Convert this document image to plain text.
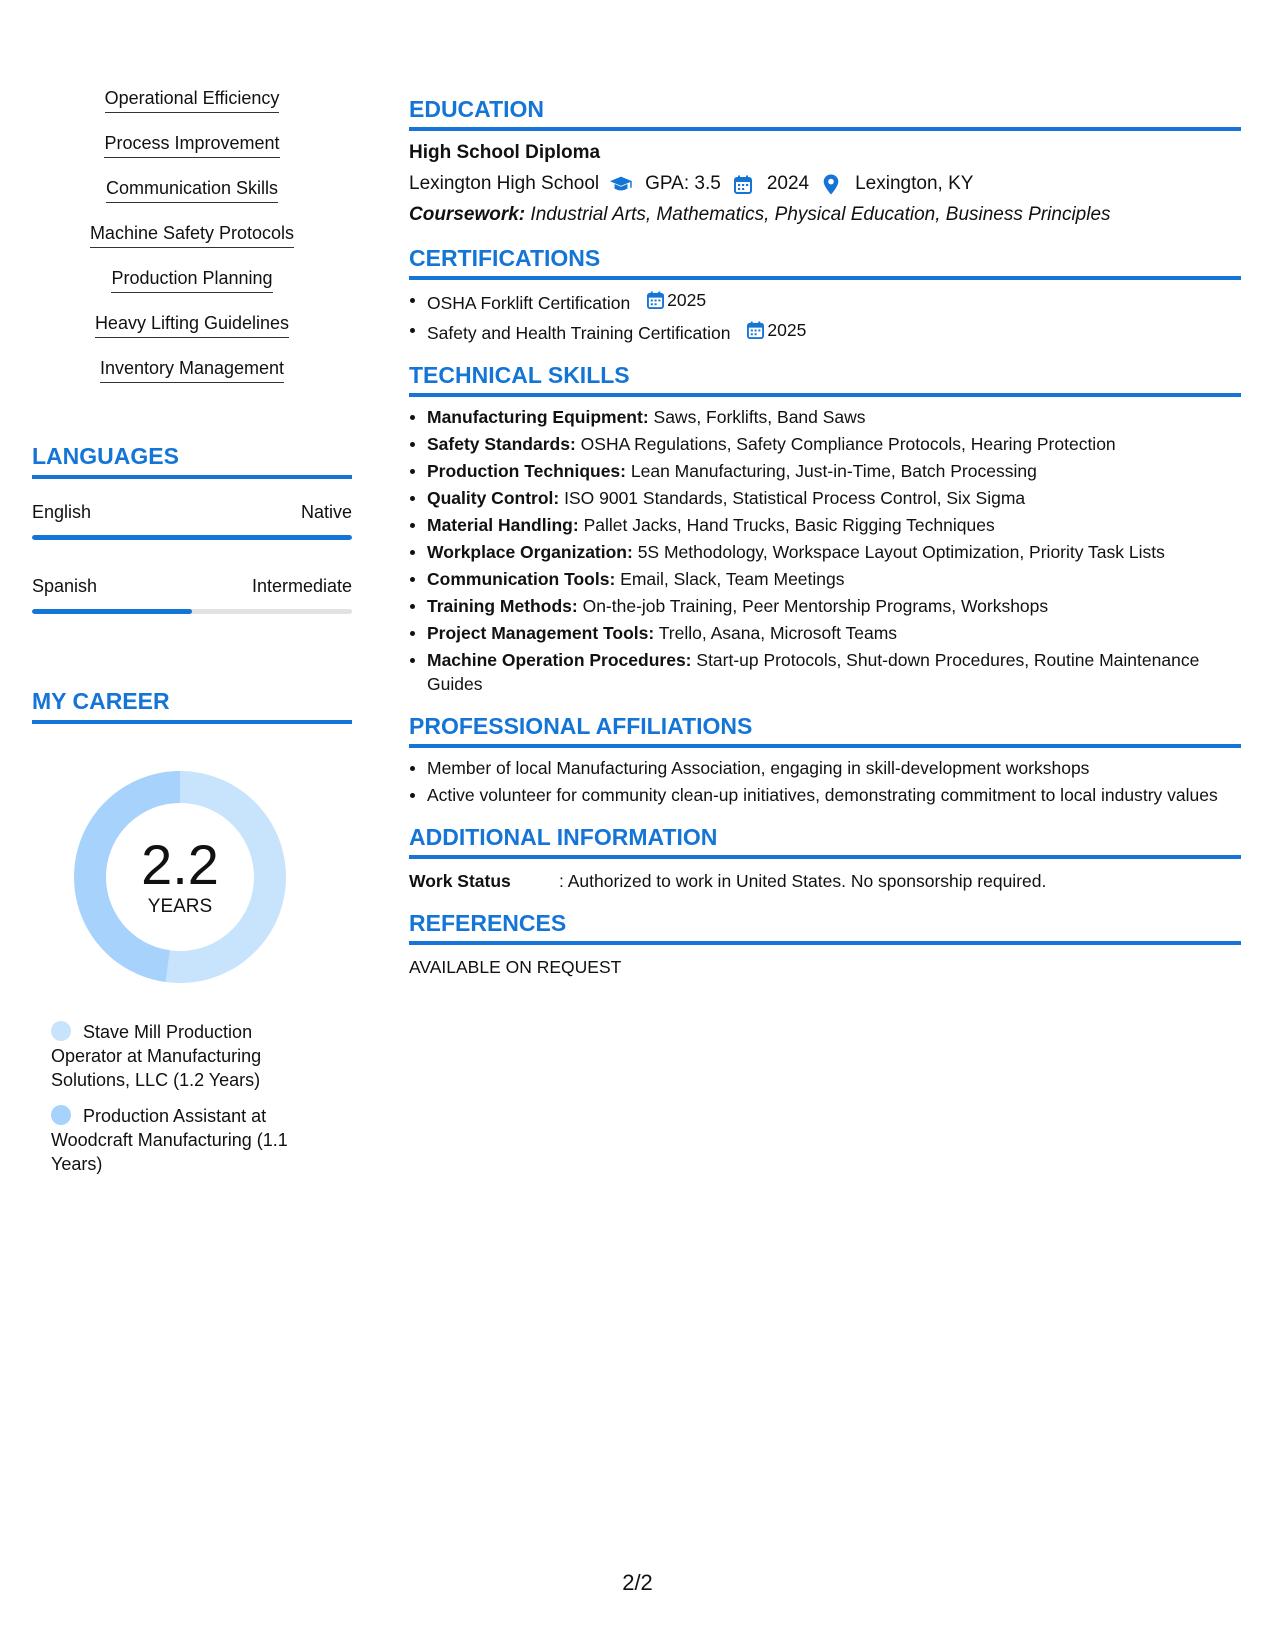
Operational Efficiency
Process Improvement
Communication Skills
Machine Safety Protocols
Production Planning
Heavy Lifting Guidelines
Inventory Management
LANGUAGES
English	Native
Spanish	Intermediate
MY CAREER
2.2
YEARS
Stave Mill Production Operator at Manufacturing Solutions, LLC (1.2 Years)
Production Assistant at Woodcraft Manufacturing (1.1 Years)
EDUCATION
High School Diploma
Lexington High School GPA: 3.5 2024 Lexington, KY
Coursework: Industrial Arts, Mathematics, Physical Education, Business Principles
CERTIFICATIONS
OSHA Forklift Certification 2025
Safety and Health Training Certification 2025
TECHNICAL SKILLS
Manufacturing Equipment: Saws, Forklifts, Band Saws
Safety Standards: OSHA Regulations, Safety Compliance Protocols, Hearing Protection
Production Techniques: Lean Manufacturing, Just-in-Time, Batch Processing
Quality Control: ISO 9001 Standards, Statistical Process Control, Six Sigma
Material Handling: Pallet Jacks, Hand Trucks, Basic Rigging Techniques
Workplace Organization: 5S Methodology, Workspace Layout Optimization, Priority Task Lists
Communication Tools: Email, Slack, Team Meetings
Training Methods: On-the-job Training, Peer Mentorship Programs, Workshops
Project Management Tools: Trello, Asana, Microsoft Teams
Machine Operation Procedures: Start-up Protocols, Shut-down Procedures, Routine Maintenance Guides
PROFESSIONAL AFFILIATIONS
Member of local Manufacturing Association, engaging in skill-development workshops
Active volunteer for community clean-up initiatives, demonstrating commitment to local industry values
ADDITIONAL INFORMATION
Work Status	: Authorized to work in United States. No sponsorship required.
REFERENCES
AVAILABLE ON REQUEST
2/2
